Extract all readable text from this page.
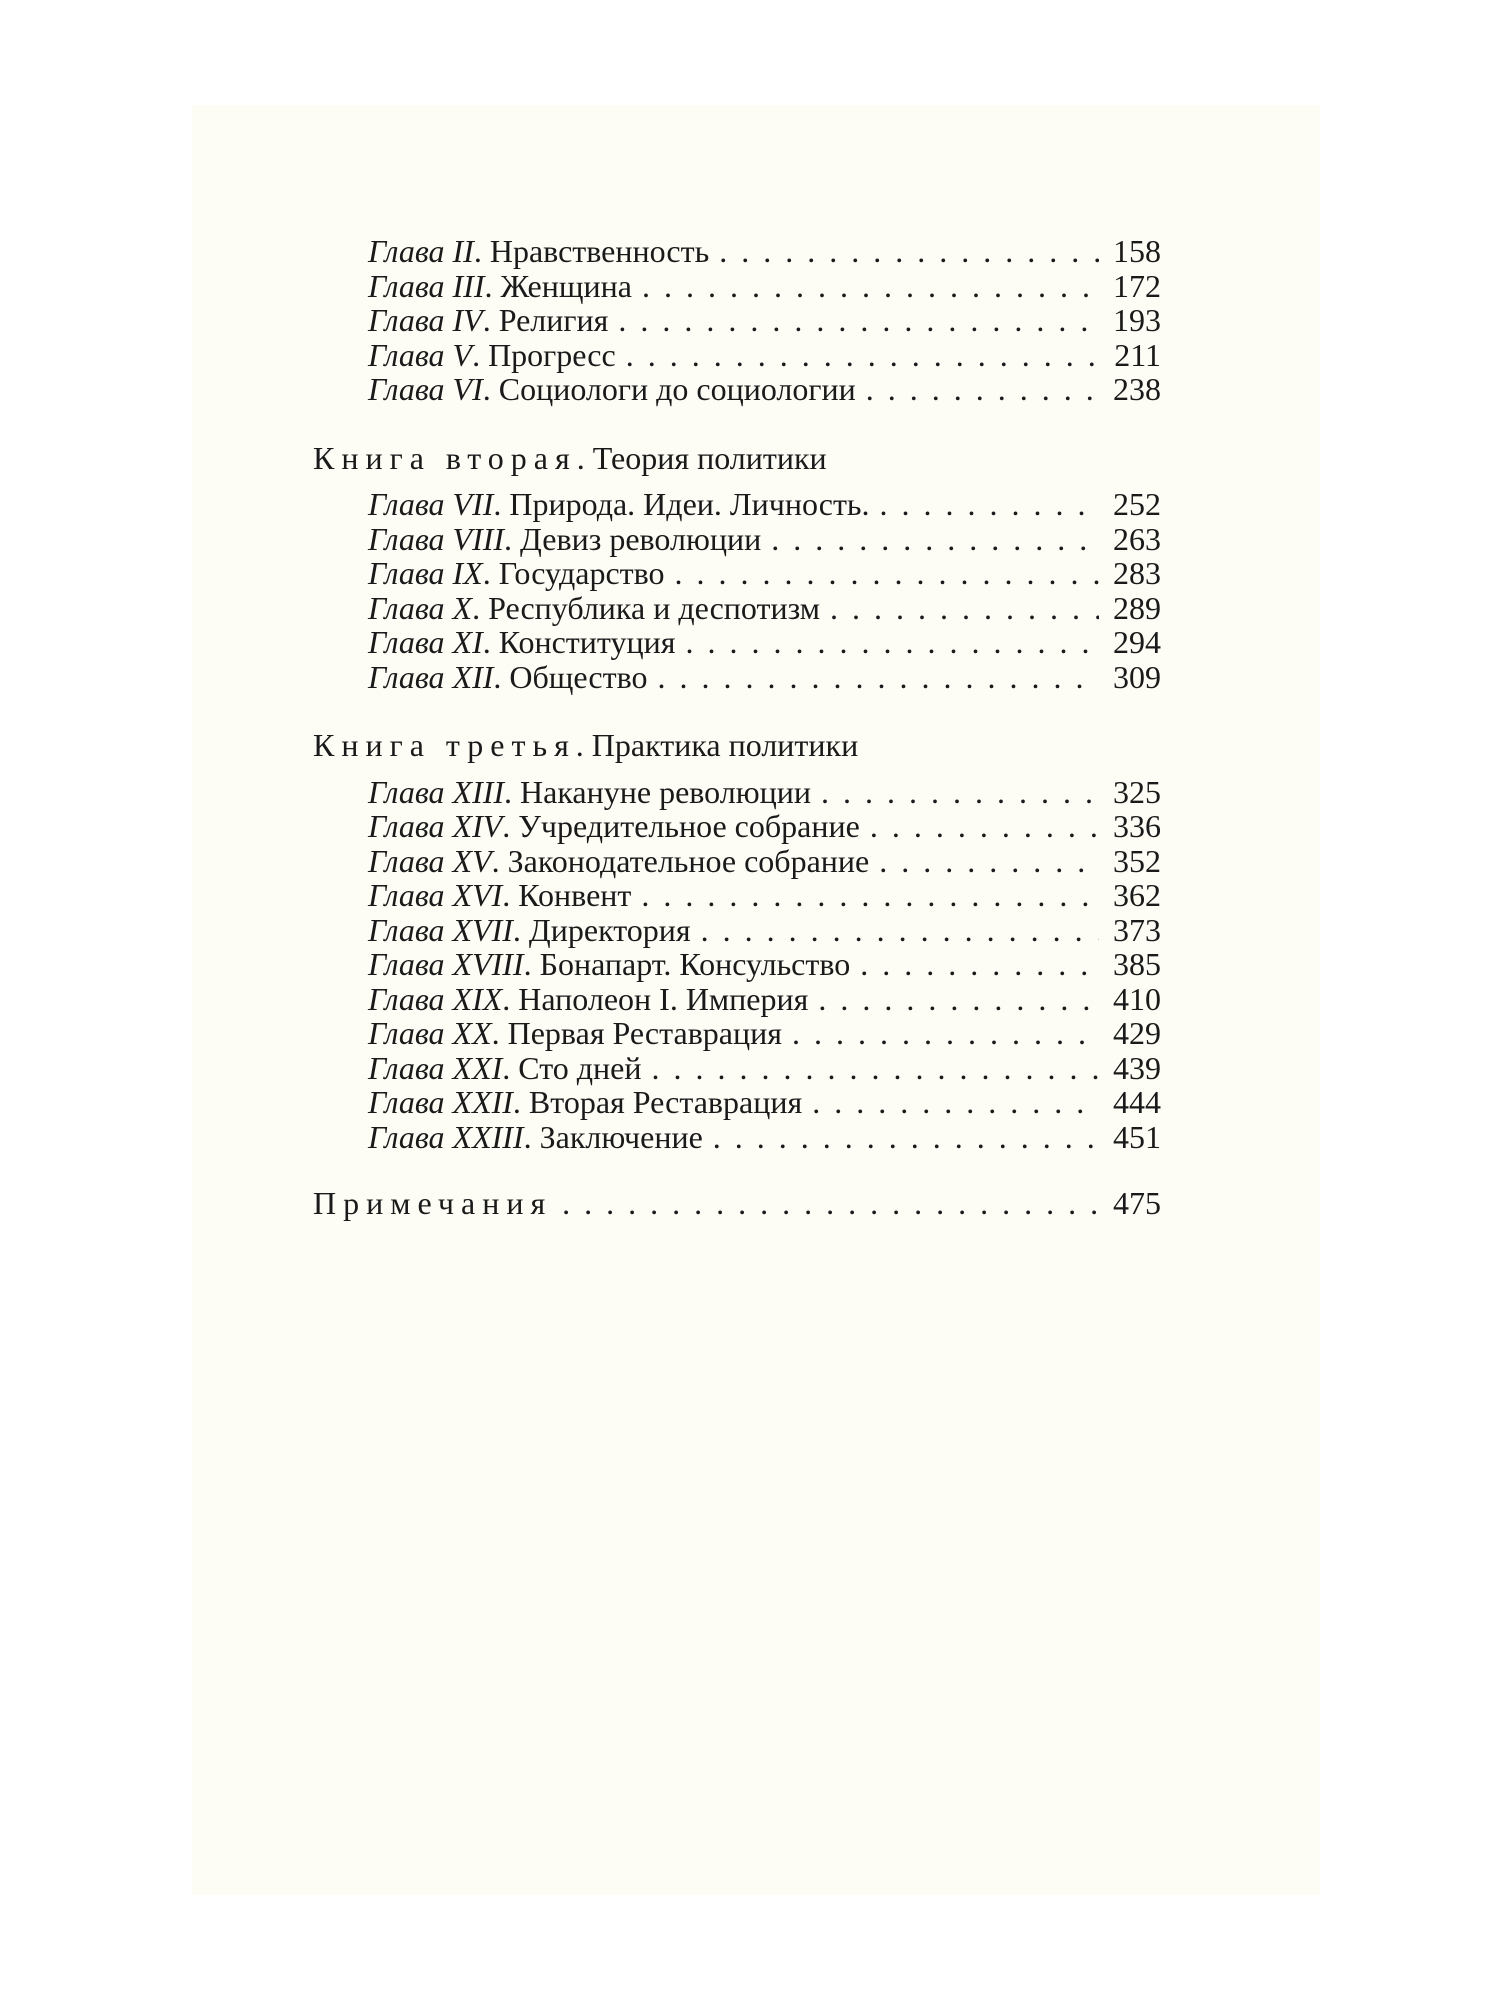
Глава II. Нравственность . . .	158
Глава III. Женщина . . .	172
Глава IV. Религия . . .	193
Глава V. Прогресс . . .	211
Глава VI. Социологи до социологии . . .	238
Книга вторая. Теория политики
Глава VII. Природа. Идеи. Личность. . . .	252
Глава VIII. Девиз революции . . .	263
Глава IX. Государство . . .	283
Глава X. Республика и деспотизм . . .	289
Глава XI. Конституция . . .	294
Глава XII. Общество . . .	309
Книга третья. Практика политики
Глава XIII. Накануне революции . . .	325
Глава XIV. Учредительное собрание . . .	336
Глава XV. Законодательное собрание . . .	352
Глава XVI. Конвент . . .	362
Глава XVII. Директория . . .	373
Глава XVIII. Бонапарт. Консульство . . .	385
Глава XIX. Наполеон I. Империя . . .	410
Глава XX. Первая Реставрация . . .	429
Глава XXI. Сто дней . . .	439
Глава XXII. Вторая Реставрация . . .	444
Глава XXIII. Заключение . . .	451
Примечания . . .	475
